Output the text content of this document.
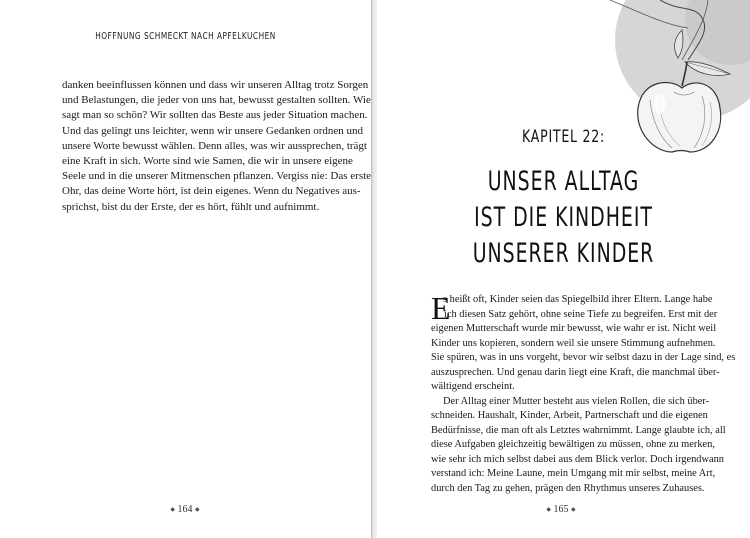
HOFFNUNG SCHMECKT NACH APFELKUCHEN
danken beeinflussen können und dass wir unseren Alltag trotz Sorgen
und Belastungen, die jeder von uns hat, bewusst gestalten sollten. Wie
sagt man so schön? Wir sollten das Beste aus jeder Situation machen.
Und das gelingt uns leichter, wenn wir unsere Gedanken ordnen und
unsere Worte bewusst wählen. Denn alles, was wir aussprechen, trägt
eine Kraft in sich. Worte sind wie Samen, die wir in unsere eigene
Seele und in die unserer Mitmenschen pflanzen. Vergiss nie: Das erste
Ohr, das deine Worte hört, ist dein eigenes. Wenn du Negatives aus-
sprichst, bist du der Erste, der es hört, fühlt und aufnimmt.
◆ 164 ◆
KAPITEL 22:
UNSER ALLTAG
IST DIE KINDHEIT
UNSERER KINDER
E
s heißt oft, Kinder seien das Spiegelbild ihrer Eltern. Lange habe
ich diesen Satz gehört, ohne seine Tiefe zu begreifen. Erst mit der
eigenen Mutterschaft wurde mir bewusst, wie wahr er ist. Nicht weil
Kinder uns kopieren, sondern weil sie unsere Stimmung aufnehmen.
Sie spüren, was in uns vorgeht, bevor wir selbst dazu in der Lage sind, es
auszusprechen. Und genau darin liegt eine Kraft, die manchmal über-
wältigend erscheint.
Der Alltag einer Mutter besteht aus vielen Rollen, die sich über-
schneiden. Haushalt, Kinder, Arbeit, Partnerschaft und die eigenen
Bedürfnisse, die man oft als Letztes wahrnimmt. Lange glaubte ich, all
diese Aufgaben gleichzeitig bewältigen zu müssen, ohne zu merken,
wie sehr ich mich selbst dabei aus dem Blick verlor. Doch irgendwann
verstand ich: Meine Laune, mein Umgang mit mir selbst, meine Art,
durch den Tag zu gehen, prägen den Rhythmus unseres Zuhauses.
◆ 165 ◆
